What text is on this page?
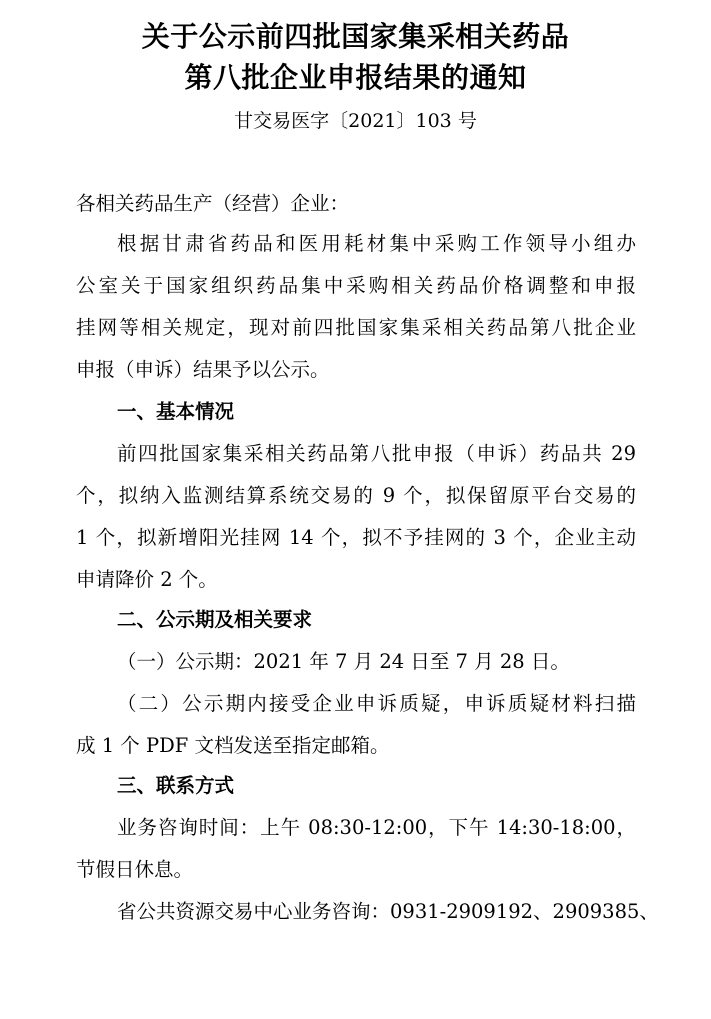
关于公示前四批国家集采相关药品
第八批企业申报结果的通知
甘交易医字〔2021〕103 号
各相关药品生产（经营）企业：
根据甘肃省药品和医用耗材集中采购工作领导小组办
公室关于国家组织药品集中采购相关药品价格调整和申报
挂网等相关规定，现对前四批国家集采相关药品第八批企业
申报（申诉）结果予以公示。
一、基本情况
前四批国家集采相关药品第八批申报（申诉）药品共 29
个，拟纳入监测结算系统交易的 9 个，拟保留原平台交易的
1 个，拟新增阳光挂网 14 个，拟不予挂网的 3 个，企业主动
申请降价 2 个。
二、公示期及相关要求
（一）公示期：2021 年 7 月 24 日至 7 月 28 日。
（二）公示期内接受企业申诉质疑，申诉质疑材料扫描
成 1 个 PDF 文档发送至指定邮箱。
三、联系方式
业务咨询时间：上午 08:30-12:00，下午 14:30-18:00，
节假日休息。
省公共资源交易中心业务咨询：0931-2909192、2909385、
